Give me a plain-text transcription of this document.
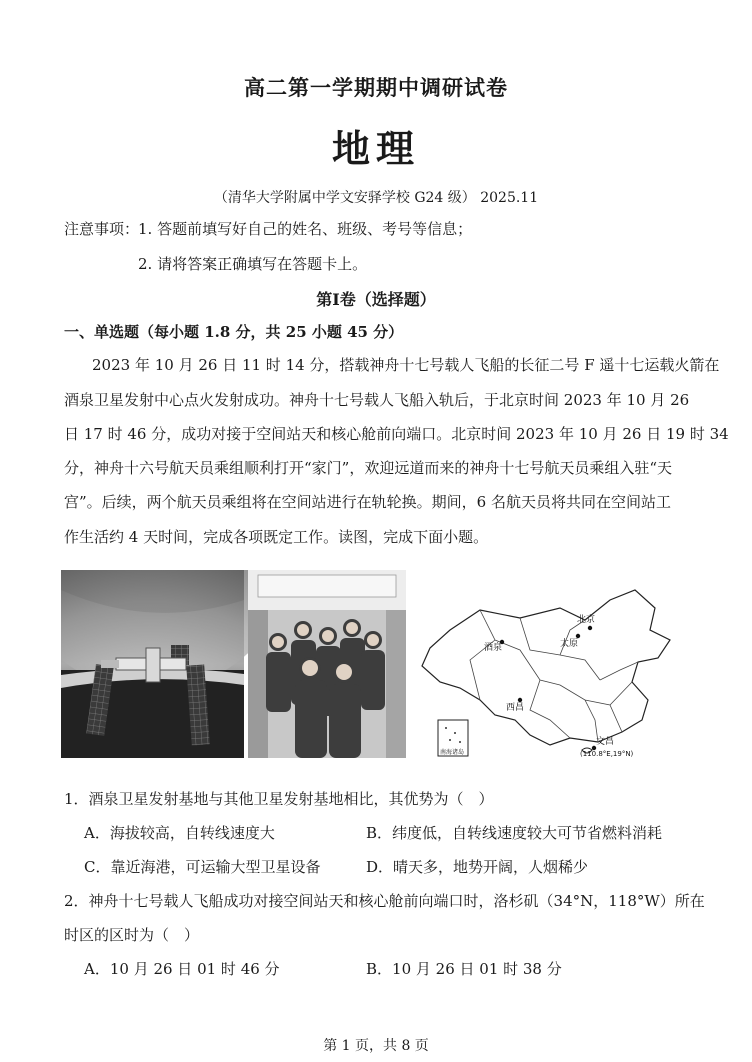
高二第一学期期中调研试卷
地理
（清华大学附属中学文安驿学校 G24 级） 2025.11
注意事项：
1. 答题前填写好自己的姓名、班级、考号等信息；
2. 请将答案正确填写在答题卡上。
第Ⅰ卷（选择题）
一、单选题（每小题 1.8 分，共 25 小题 45 分）
2023 年 10 月 26 日 11 时 14 分，搭载神舟十七号载人飞船的长征二号 F 遥十七运载火箭在
酒泉卫星发射中心点火发射成功。神舟十七号载人飞船入轨后，于北京时间 2023 年 10 月 26
日 17 时 46 分，成功对接于空间站天和核心舱前向端口。北京时间 2023 年 10 月 26 日 19 时 34
分，神舟十六号航天员乘组顺利打开“家门”，欢迎远道而来的神舟十七号航天员乘组入驻“天
宫”。后续，两个航天员乘组将在空间站进行在轨轮换。期间，6 名航天员将共同在空间站工
作生活约 4 天时间，完成各项既定工作。读图，完成下面小题。
酒泉	太原
北京
西昌
文昌
(110.8°E,19°N)
南海诸岛
1．酒泉卫星发射基地与其他卫星发射基地相比，其优势为（　）
A．海拔较高，自转线速度大	B．纬度低，自转线速度较大可节省燃料消耗
C．靠近海港，可运输大型卫星设备	D．晴天多，地势开阔，人烟稀少
2．神舟十七号载人飞船成功对接空间站天和核心舱前向端口时，洛杉矶（34°N，118°W）所在
时区的区时为（　）
A．10 月 26 日 01 时 46 分	B．10 月 26 日 01 时 38 分
第 1 页，共 8 页
